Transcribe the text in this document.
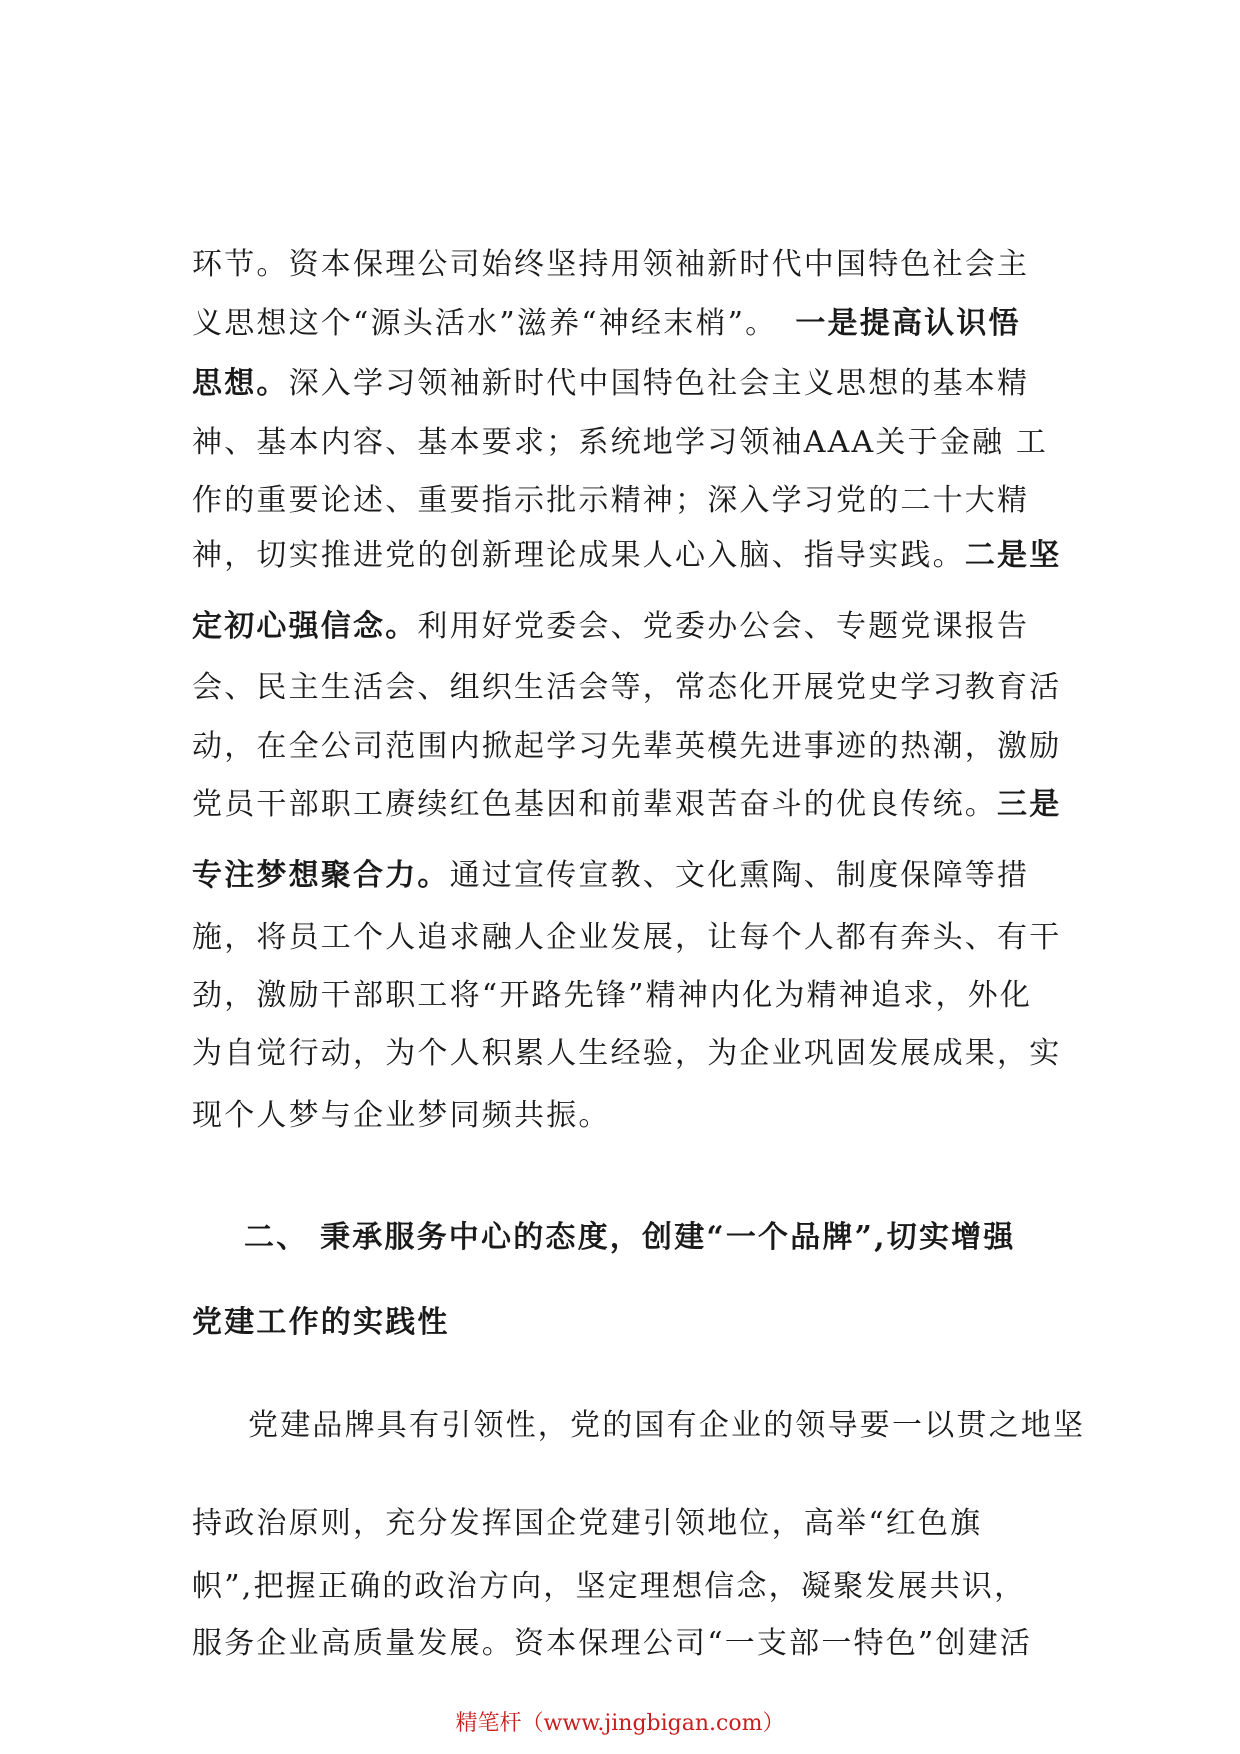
环节。资本保理公司始终坚持用领袖新时代中国特色社会主

义思想这个“源头活水”滋养“神经末梢”。 一是提高认识悟

思想。深入学习领袖新时代中国特色社会主义思想的基本精

神、基本内容、基本要求；系统地学习领袖AAA关于金融 工

作的重要论述、重要指示批示精神；深入学习党的二十大精

神，切实推进党的创新理论成果人心入脑、指导实践。二是坚

定初心强信念。利用好党委会、党委办公会、专题党课报告

会、民主生活会、组织生活会等，常态化开展党史学习教育活

动，在全公司范围内掀起学习先辈英模先进事迹的热潮，激励

党员干部职工赓续红色基因和前辈艰苦奋斗的优良传统。三是

专注梦想聚合力。通过宣传宣教、文化熏陶、制度保障等措

施，将员工个人追求融人企业发展，让每个人都有奔头、有干

劲，激励干部职工将“开路先锋”精神内化为精神追求，外化

为自觉行动，为个人积累人生经验，为企业巩固发展成果，实

现个人梦与企业梦同频共振。

二、 秉承服务中心的态度，创建“一个品牌”,切实增强

党建工作的实践性

党建品牌具有引领性，党的国有企业的领导要一以贯之地坚

持政治原则，充分发挥国企党建引领地位，高举“红色旗

帜”,把握正确的政治方向，坚定理想信念，凝聚发展共识，

服务企业高质量发展。资本保理公司“一支部一特色”创建活

精笔杆（www.jingbigan.com）
